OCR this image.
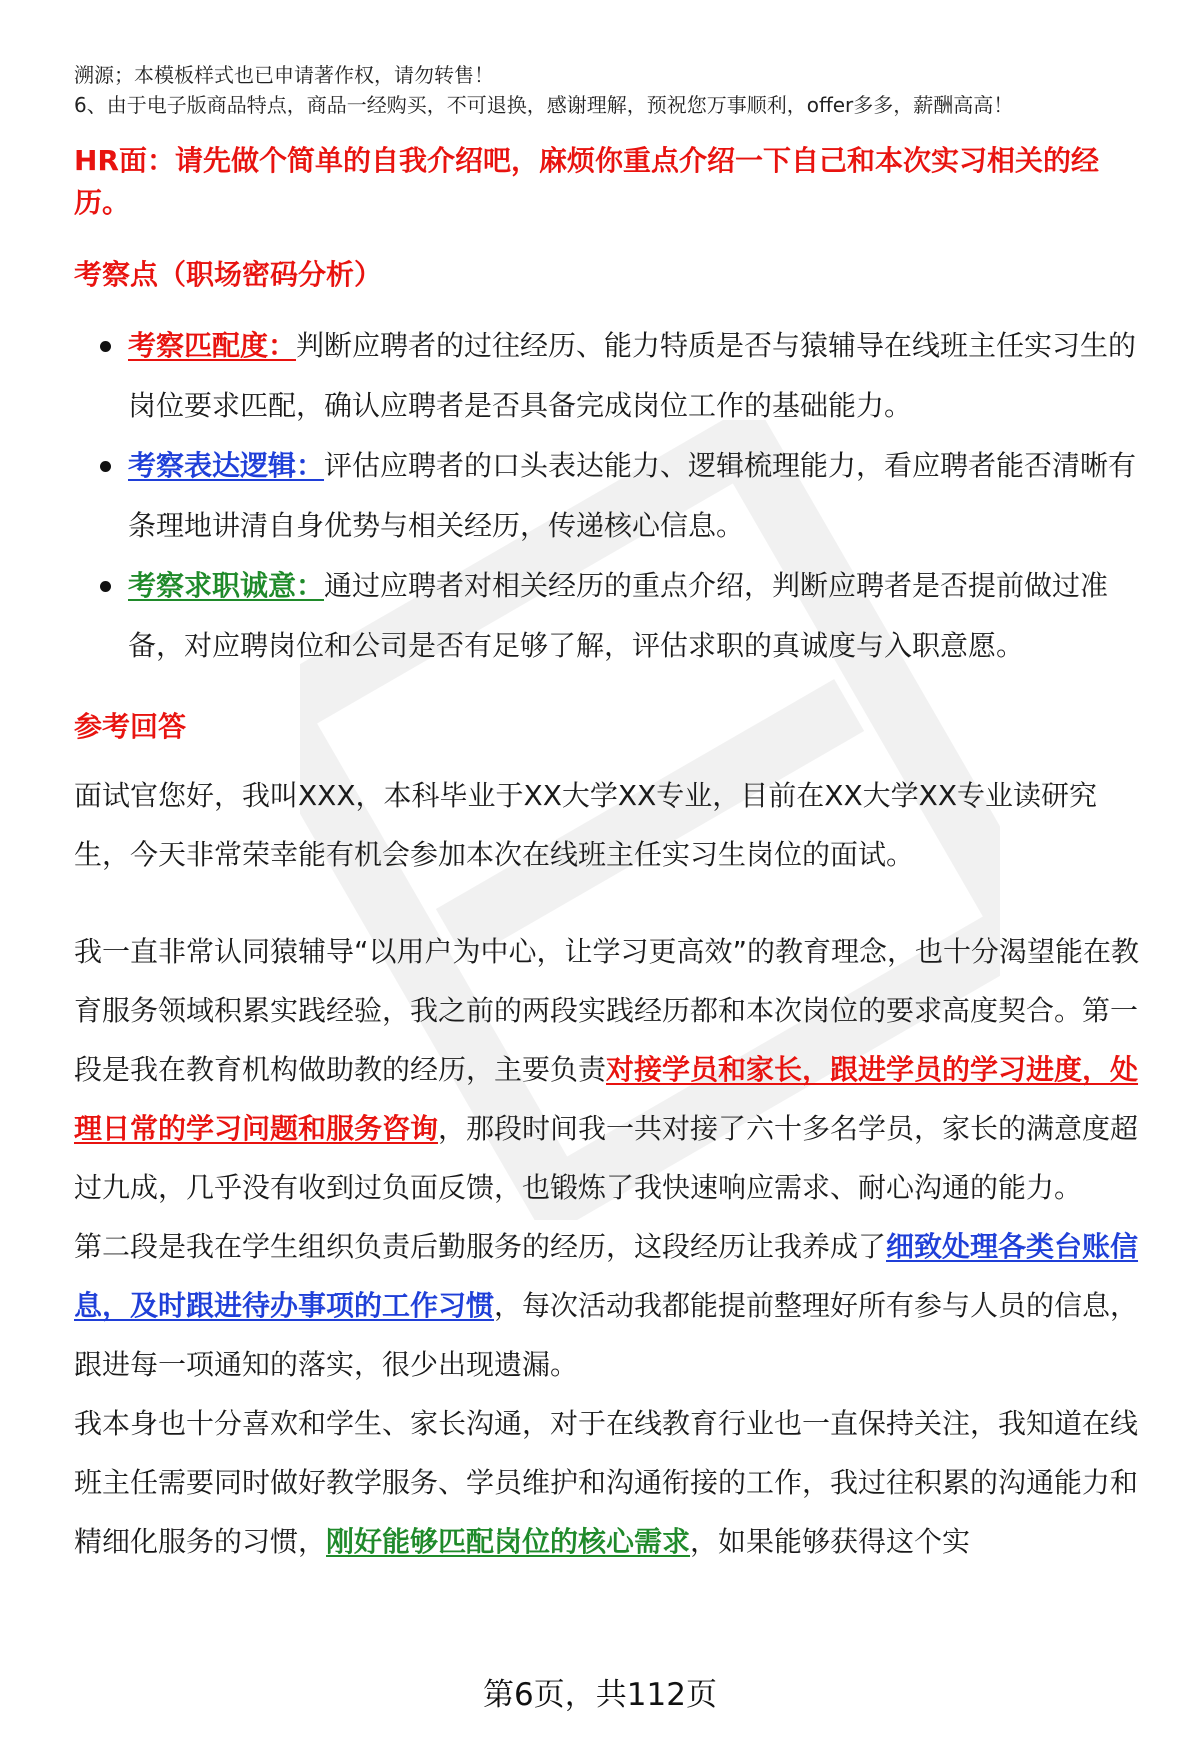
溯源；本模板样式也已申请著作权，请勿转售！

6、由于电子版商品特点，商品一经购买，不可退换，感谢理解，预祝您万事顺利，offer多多，薪酬高高！

HR面：请先做个简单的自我介绍吧，麻烦你重点介绍一下自己和本次实习相关的经历。

考察点（职场密码分析）

考察匹配度：判断应聘者的过往经历、能力特质是否与猿辅导在线班主任实习生的岗位要求匹配，确认应聘者是否具备完成岗位工作的基础能力。
考察表达逻辑：评估应聘者的口头表达能力、逻辑梳理能力，看应聘者能否清晰有条理地讲清自身优势与相关经历，传递核心信息。
考察求职诚意：通过应聘者对相关经历的重点介绍，判断应聘者是否提前做过准备，对应聘岗位和公司是否有足够了解，评估求职的真诚度与入职意愿。

参考回答

面试官您好，我叫XXX，本科毕业于XX大学XX专业，目前在XX大学XX专业读研究生，今天非常荣幸能有机会参加本次在线班主任实习生岗位的面试。

我一直非常认同猿辅导“以用户为中心，让学习更高效”的教育理念，也十分渴望能在教育服务领域积累实践经验，我之前的两段实践经历都和本次岗位的要求高度契合。第一段是我在教育机构做助教的经历，主要负责对接学员和家长，跟进学员的学习进度，处理日常的学习问题和服务咨询，那段时间我一共对接了六十多名学员，家长的满意度超过九成，几乎没有收到过负面反馈，也锻炼了我快速响应需求、耐心沟通的能力。

第二段是我在学生组织负责后勤服务的经历，这段经历让我养成了细致处理各类台账信息，及时跟进待办事项的工作习惯，每次活动我都能提前整理好所有参与人员的信息，跟进每一项通知的落实，很少出现遗漏。

我本身也十分喜欢和学生、家长沟通，对于在线教育行业也一直保持关注，我知道在线班主任需要同时做好教学服务、学员维护和沟通衔接的工作，我过往积累的沟通能力和精细化服务的习惯，刚好能够匹配岗位的核心需求，如果能够获得这个实

第6页，共112页
